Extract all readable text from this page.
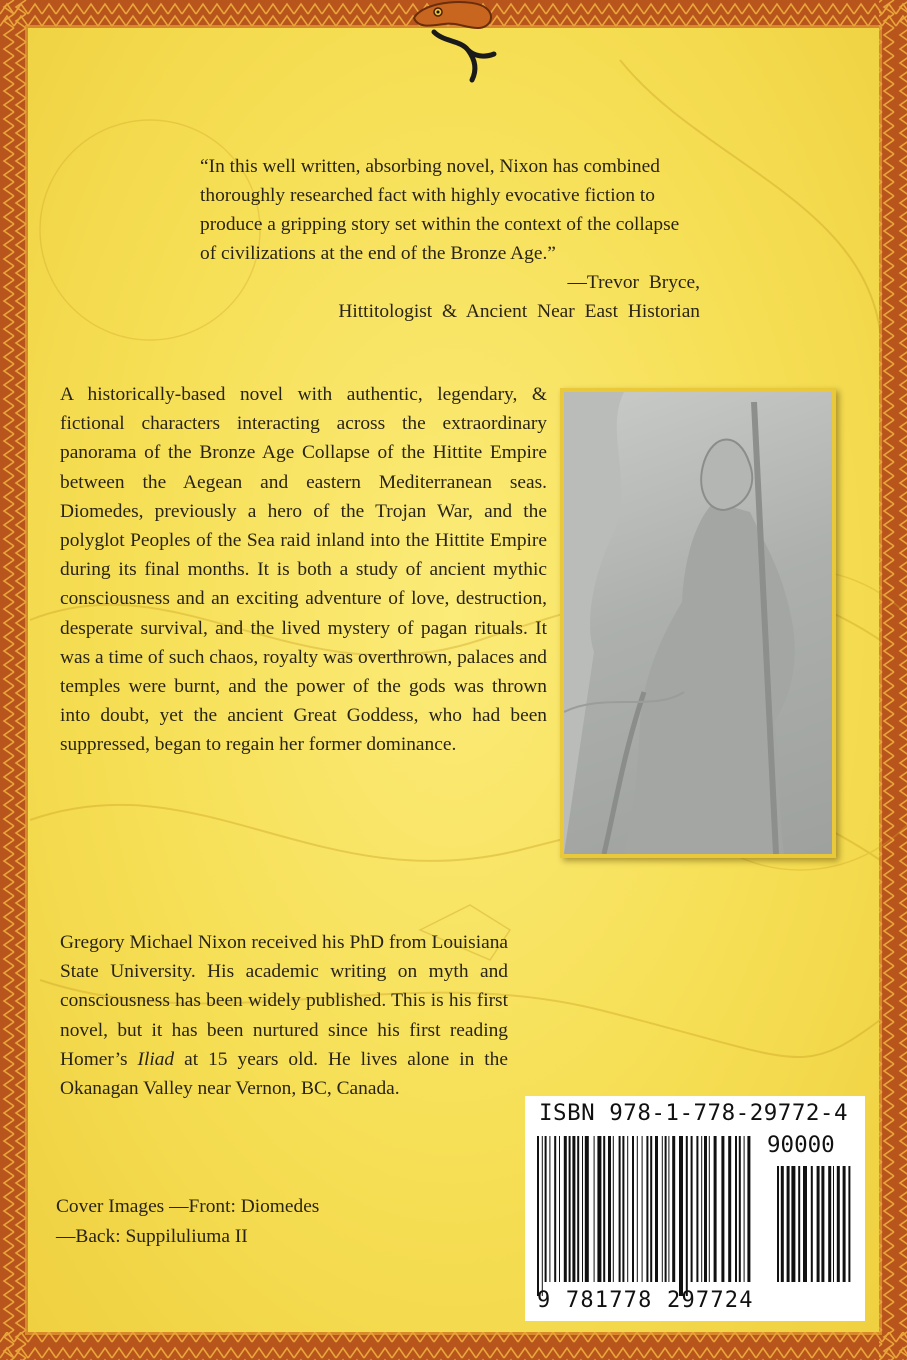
“In this well written, absorbing novel, Nixon has combined thoroughly researched fact with highly evocative fiction to produce a gripping story set within the context of the collapse of civilizations at the end of the Bronze Age.”
—Trevor Bryce,
Hittitologist & Ancient Near East Historian
A historically-based novel with authentic, legendary, & fictional characters interacting across the extraordinary panorama of the Bronze Age Collapse of the Hittite Empire between the Aegean and eastern Mediterranean seas. Diomedes, previously a hero of the Trojan War, and the polyglot Peoples of the Sea raid inland into the Hittite Empire during its final months. It is both a study of ancient mythic consciousness and an exciting adventure of love, destruction, desperate survival, and the lived mystery of pagan rituals. It was a time of such chaos, royalty was overthrown, palaces and temples were burnt, and the power of the gods was thrown into doubt, yet the ancient Great Goddess, who had been suppressed, began to regain her former dominance.
Gregory Michael Nixon received his PhD from Louisiana State University. His academic writing on myth and consciousness has been widely published. This is his first novel, but it has been nurtured since his first reading Homer’s Iliad at 15 years old. He lives alone in the Okanagan Valley near Vernon, BC, Canada.
Cover Images —Front: Diomedes
—Back: Suppiluliuma II
ISBN 978-1-778-29772-4
90000
9 781778 297724
